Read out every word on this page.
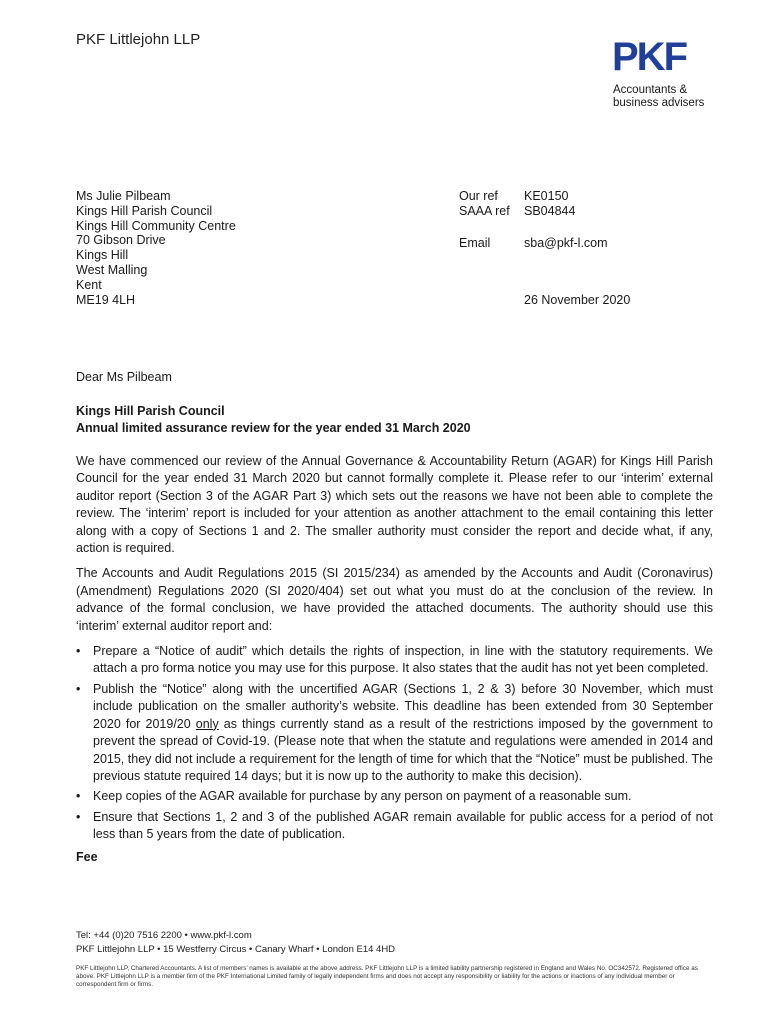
PKF Littlejohn LLP	PKF
Accountants &
business advisers
Ms Julie Pilbeam
Kings Hill Parish Council
Kings Hill Community Centre
70 Gibson Drive
Kings Hill
West Malling
Kent
ME19 4LH
Our ref	KE0150
SAAA ref	SB04844
Email	sba@pkf-l.com
26 November 2020
Dear Ms Pilbeam
Kings Hill Parish Council
Annual limited assurance review for the year ended 31 March 2020

We have commenced our review of the Annual Governance & Accountability Return (AGAR) for Kings Hill Parish Council for the year ended 31 March 2020 but cannot formally complete it. Please refer to our ‘interim’ external auditor report (Section 3 of the AGAR Part 3) which sets out the reasons we have not been able to complete the review. The ‘interim’ report is included for your attention as another attachment to the email containing this letter along with a copy of Sections 1 and 2. The smaller authority must consider the report and decide what, if any, action is required.

The Accounts and Audit Regulations 2015 (SI 2015/234) as amended by the Accounts and Audit (Coronavirus) (Amendment) Regulations 2020 (SI 2020/404) set out what you must do at the conclusion of the review. In advance of the formal conclusion, we have provided the attached documents. The authority should use this ‘interim’ external auditor report and:

• Prepare a “Notice of audit” which details the rights of inspection, in line with the statutory requirements. We attach a pro forma notice you may use for this purpose. It also states that the audit has not yet been completed.
• Publish the “Notice” along with the uncertified AGAR (Sections 1, 2 & 3) before 30 November, which must include publication on the smaller authority’s website. This deadline has been extended from 30 September 2020 for 2019/20 only as things currently stand as a result of the restrictions imposed by the government to prevent the spread of Covid-19. (Please note that when the statute and regulations were amended in 2014 and 2015, they did not include a requirement for the length of time for which that the “Notice” must be published. The previous statute required 14 days; but it is now up to the authority to make this decision).
• Keep copies of the AGAR available for purchase by any person on payment of a reasonable sum.
• Ensure that Sections 1, 2 and 3 of the published AGAR remain available for public access for a period of not less than 5 years from the date of publication.
Fee
Tel: +44 (0)20 7516 2200 • www.pkf-l.com
PKF Littlejohn LLP • 15 Westferry Circus • Canary Wharf • London E14 4HD
PKF Littlejohn LLP, Chartered Accountants. A list of members’ names is available at the above address. PKF Littlejohn LLP is a limited liability partnership registered in England and Wales No. OC342572. Registered office as above. PKF Littlejohn LLP is a member firm of the PKF International Limited family of legally independent firms and does not accept any responsibility or liability for the actions or inactions of any individual member or correspondent firm or firms.
